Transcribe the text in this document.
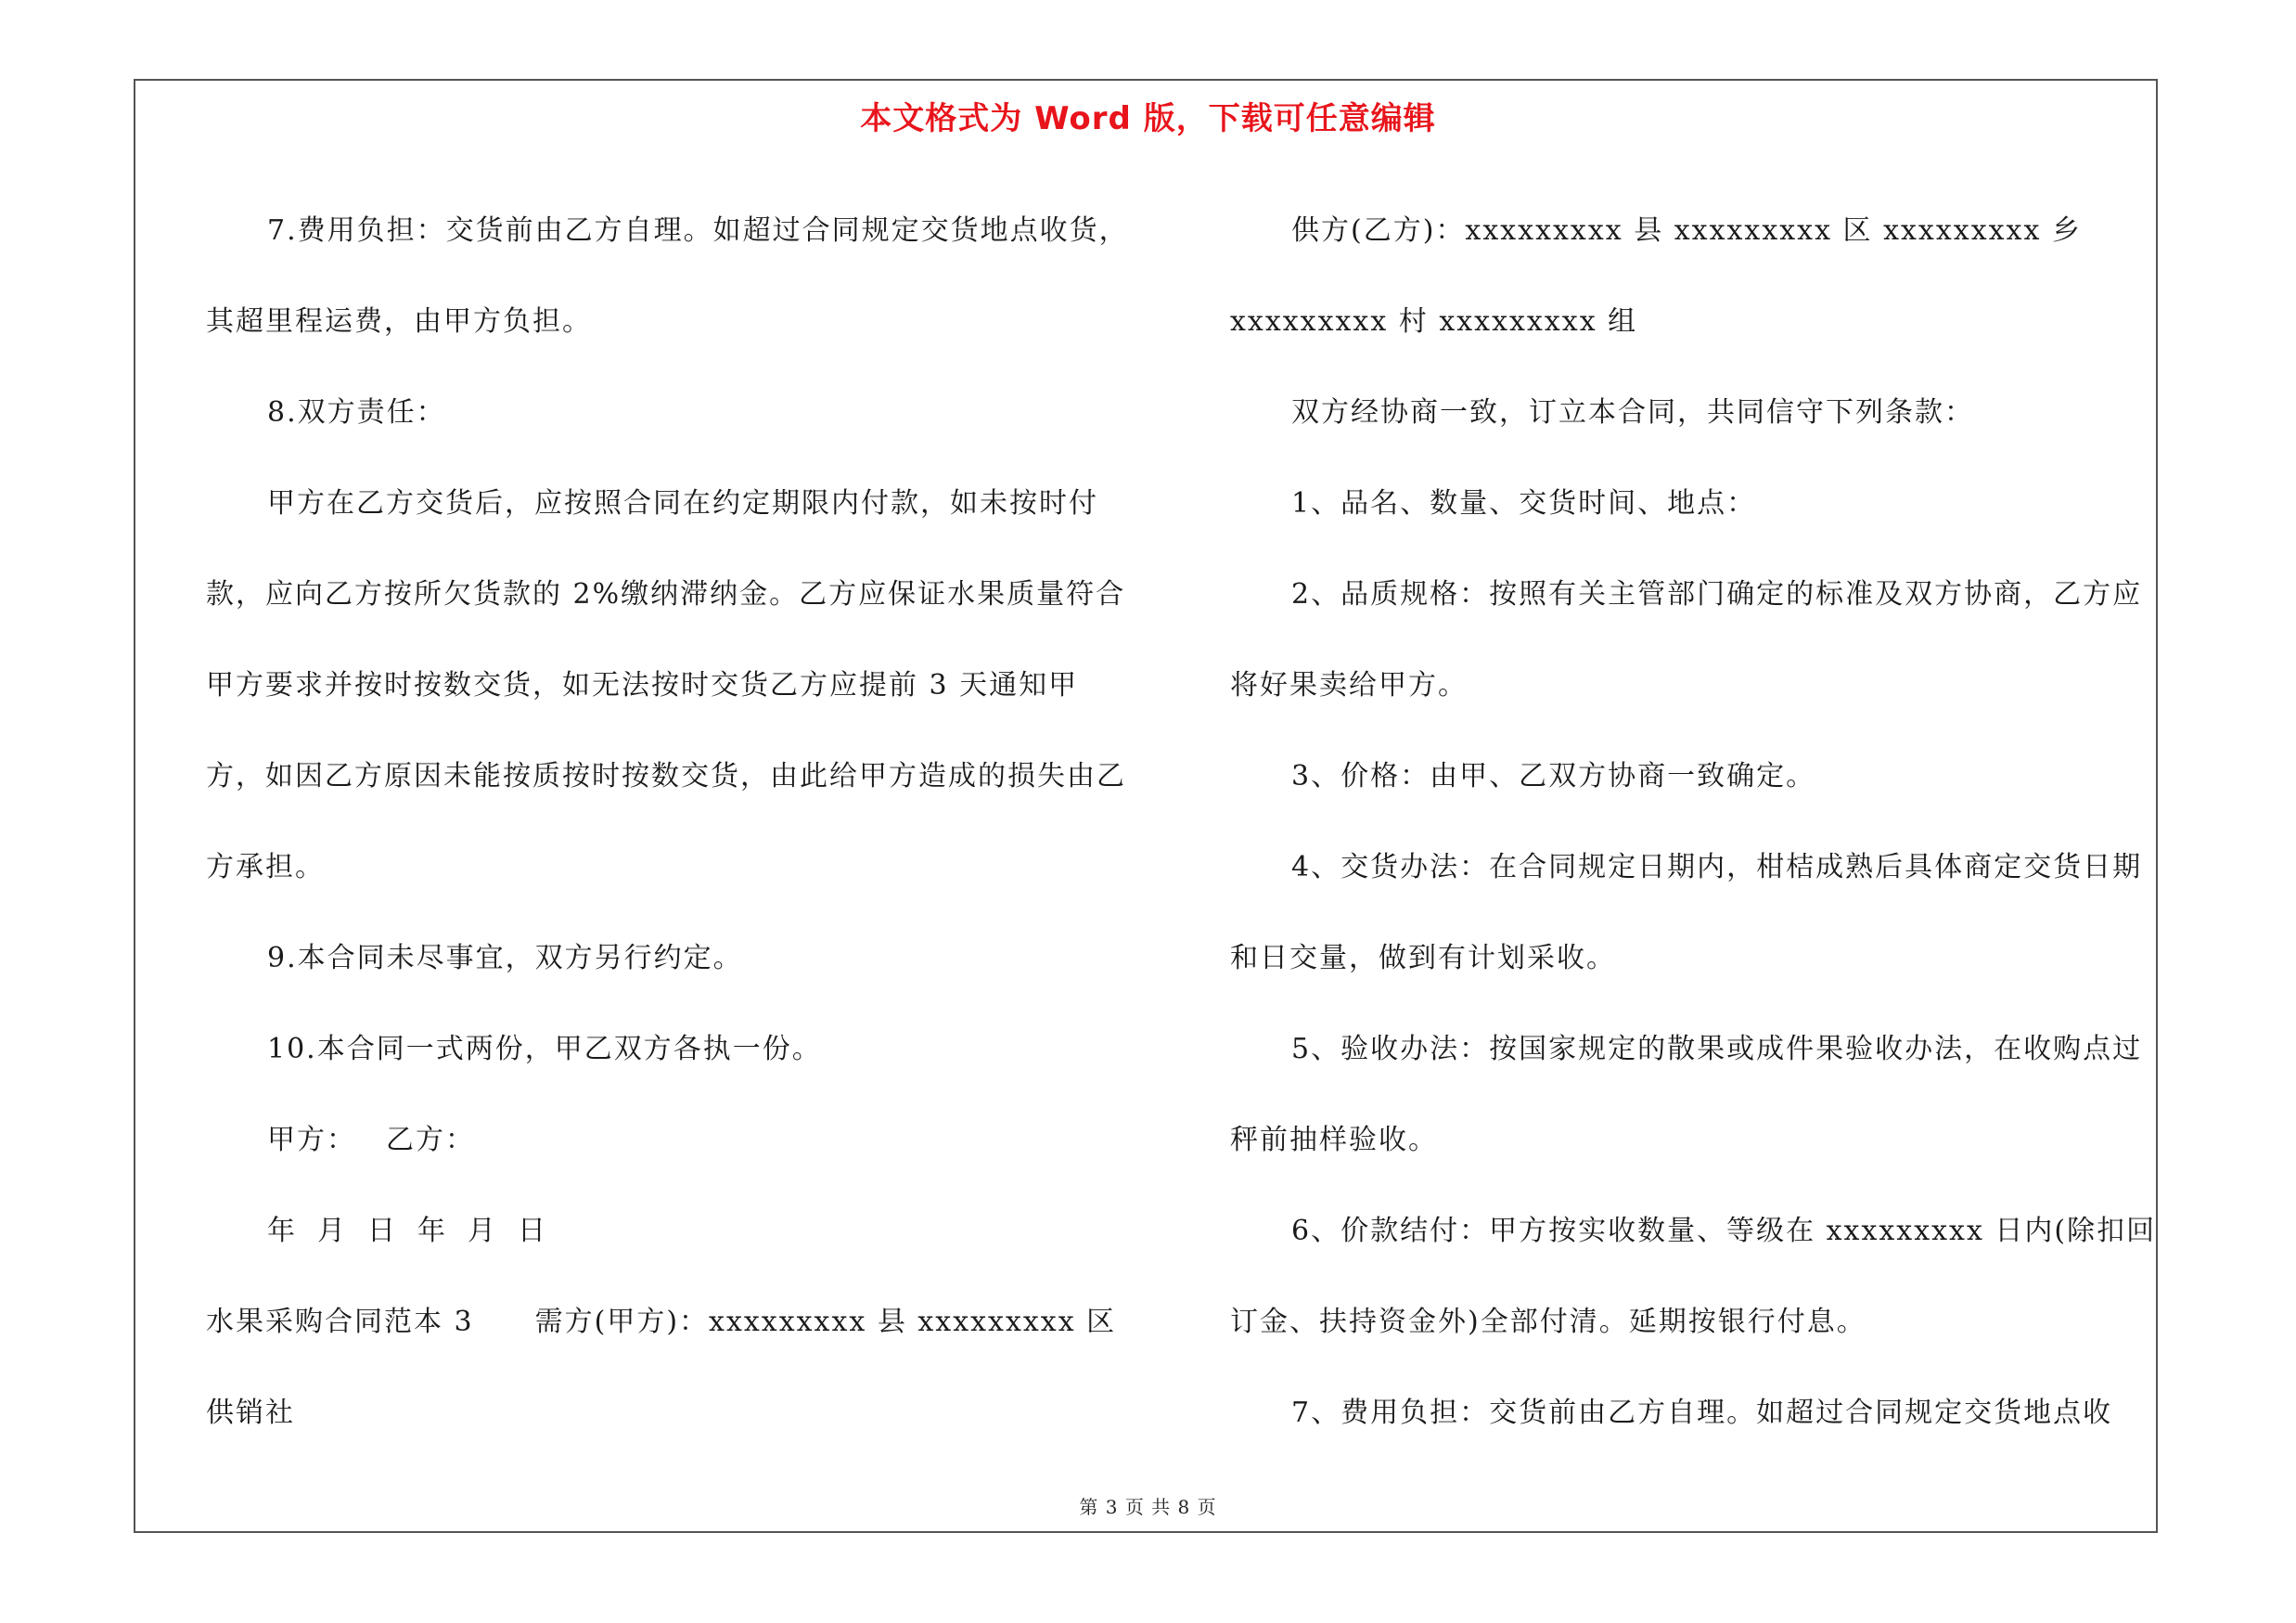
本文格式为 Word 版，下载可任意编辑

7.费用负担：交货前由乙方自理。如超过合同规定交货地点收货，其超里程运费，由甲方负担。

8.双方责任：

甲方在乙方交货后，应按照合同在约定期限内付款，如未按时付款，应向乙方按所欠货款的 2%缴纳滞纳金。乙方应保证水果质量符合甲方要求并按时按数交货，如无法按时交货乙方应提前 3 天通知甲方，如因乙方原因未能按质按时按数交货，由此给甲方造成的损失由乙方承担。

9.本合同未尽事宜，双方另行约定。

10.本合同一式两份，甲乙双方各执一份。

甲方： 乙方：

年 月 日 年 月 日

水果采购合同范本 3 需方(甲方)：xxxxxxxxx 县 xxxxxxxxx 区供销社

供方(乙方)：xxxxxxxxx 县 xxxxxxxxx 区 xxxxxxxxx 乡 xxxxxxxxx 村 xxxxxxxxx 组

双方经协商一致，订立本合同，共同信守下列条款：

1、品名、数量、交货时间、地点：

2、品质规格：按照有关主管部门确定的标准及双方协商，乙方应将好果卖给甲方。

3、价格：由甲、乙双方协商一致确定。

4、交货办法：在合同规定日期内，柑桔成熟后具体商定交货日期和日交量，做到有计划采收。

5、验收办法：按国家规定的散果或成件果验收办法，在收购点过秤前抽样验收。

6、价款结付：甲方按实收数量、等级在 xxxxxxxxx 日内(除扣回订金、扶持资金外)全部付清。延期按银行付息。

7、费用负担：交货前由乙方自理。如超过合同规定交货地点收

第 3 页 共 8 页
